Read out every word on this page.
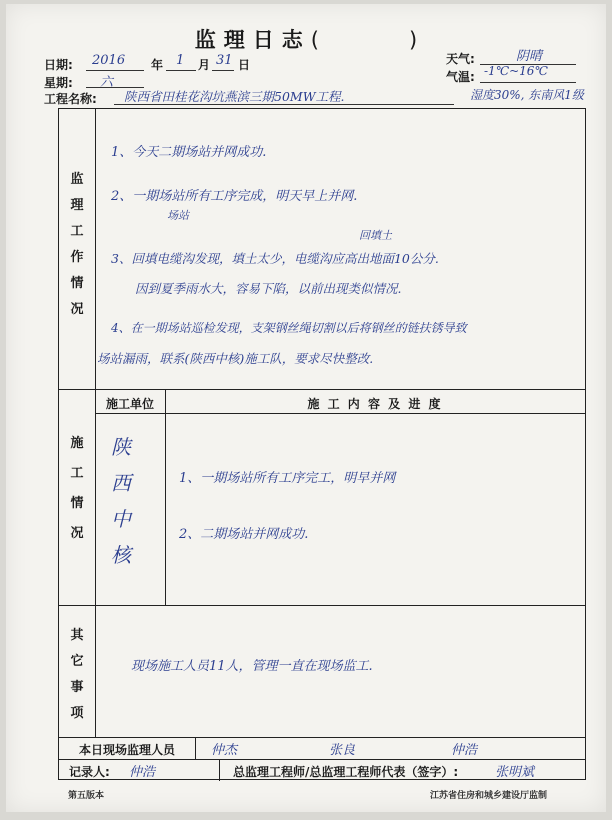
监理日志(	)
日期: 2016 年 1 月 31 日
星期: 六
工程名称: 陕西省田桂花沟坑燕滨三期50MW工程.
天气:	阴晴
气温: -1℃~16℃
湿度30%, 东南风1级
监
理
工
作
情
况
1、今天二期场站并网成功.
2、一期场站所有工序完成，明天早上并网.
场站
3、回填电缆沟发现，填土太少，电缆沟应高出地面10公分.
回填土
因到夏季雨水大，容易下陷，以前出现类似情况.
4、在一期场站巡检发现，支架钢丝绳切割以后将钢丝的链扶锈导致
场站漏雨，联系(陕西中核)施工队，要求尽快整改.
施
工
情
况
施工单位	施 工 内 容 及 进 度
陕
西
中
核
1、一期场站所有工序完工，明早并网
2、二期场站并网成功.
其
它
事
项
现场施工人员11人，管理一直在现场监工.
本日现场监理人员	仲杰	张良	仲浩
记录人: 仲浩	总监理工程师/总监理工程师代表（签字）:	张明斌
第五版本	江苏省住房和城乡建设厅监制
